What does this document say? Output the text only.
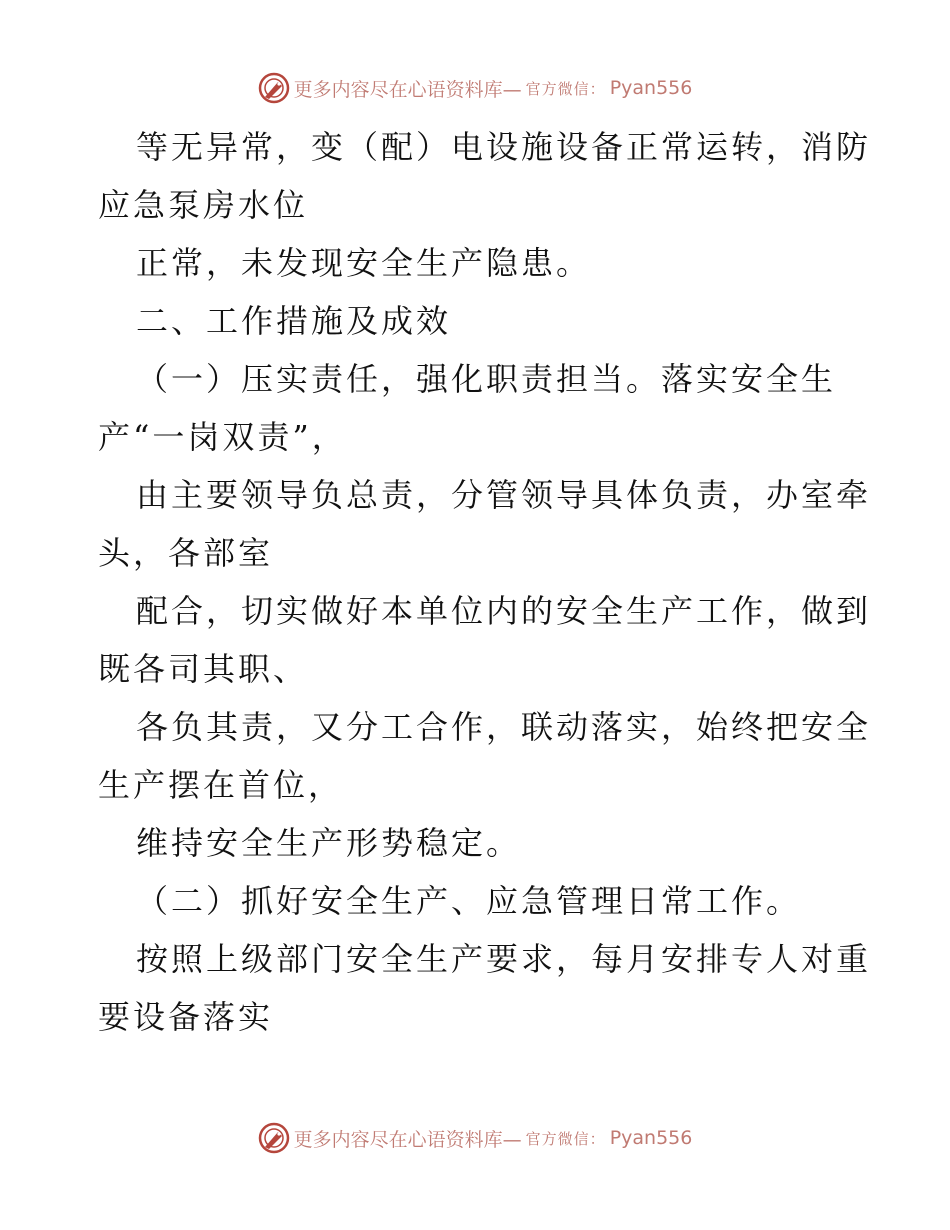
更多内容尽在心语资料库— 官方微信： Pyan556
等无异常，变（配）电设施设备正常运转，消防
应急泵房水位
正常，未发现安全生产隐患。
二、工作措施及成效
（一）压实责任，强化职责担当。落实安全生
产“一岗双责”，
由主要领导负总责，分管领导具体负责，办室牵
头，各部室
配合，切实做好本单位内的安全生产工作，做到
既各司其职、
各负其责，又分工合作，联动落实，始终把安全
生产摆在首位，
维持安全生产形势稳定。
（二）抓好安全生产、应急管理日常工作。
按照上级部门安全生产要求，每月安排专人对重
要设备落实
更多内容尽在心语资料库— 官方微信： Pyan556
